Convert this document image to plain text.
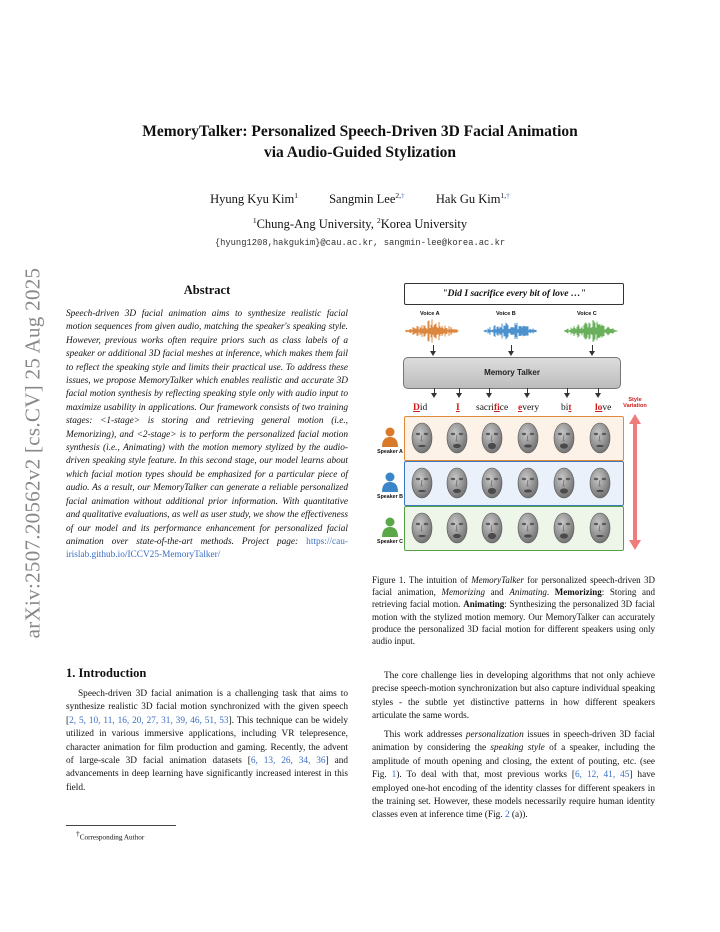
arXiv:2507.20562v2 [cs.CV] 25 Aug 2025
MemoryTalker: Personalized Speech-Driven 3D Facial Animation
via Audio-Guided Stylization
Hyung Kyu Kim$^1$ Sangmin Lee$^{2,\dagger}$ Hak Gu Kim$^{1,\dagger}$
$^1$Chung-Ang University, $^2$Korea University
{hyung1208,hakgukim}@cau.ac.kr, sangmin-lee@korea.ac.kr
Abstract
Speech-driven 3D facial animation aims to synthesize realistic facial motion sequences from given audio, matching the speaker's speaking style. However, previous works often require priors such as class labels of a speaker or additional 3D facial meshes at inference, which makes them fail to reflect the speaking style and limits their practical use. To address these issues, we propose MemoryTalker which enables realistic and accurate 3D facial motion synthesis by reflecting speaking style only with audio input to maximize usability in applications. Our framework consists of two training stages: <1-stage> is storing and retrieving general motion (i.e., Memorizing), and <2-stage> is to perform the personalized facial motion synthesis (i.e., Animating) with the motion memory stylized by the audio-driven speaking style feature. In this second stage, our model learns about which facial motion types should be emphasized for a particular piece of audio. As a result, our MemoryTalker can generate a reliable personalized facial animation without additional prior information. With quantitative and qualitative evaluations, as well as user study, we show the effectiveness of our model and its performance enhancement for personalized facial animation over state-of-the-art methods. Project page: https://cau-irislab.github.io/ICCV25-MemoryTalker/
1. Introduction

Speech-driven 3D facial animation is a challenging task that aims to synthesize realistic 3D facial motion synchronized with the given speech [2, 5, 10, 11, 16, 20, 27, 31, 39, 46, 51, 53]. This technique can be widely utilized in various immersive applications, including VR telepresence, character animation for film production and gaming. Recently, the advent of large-scale 3D facial animation datasets [6, 13, 26, 34, 36] and advancements in deep learning have significantly increased interest in this field.

†Corresponding Author
Figure 1. The intuition of MemoryTalker for personalized speech-driven 3D facial animation, Memorizing and Animating. Memorizing: Storing and retrieving facial motion. Animating: Synthesizing the personalized 3D facial motion with the stylized motion memory. Our MemoryTalker can accurately produce the personalized 3D facial motion for different speakers using only audio input.

The core challenge lies in developing algorithms that not only achieve precise speech-motion synchronization but also capture individual speaking styles - the subtle yet distinctive patterns in how different speakers articulate the same words.

This work addresses personalization issues in speech-driven 3D facial animation by considering the speaking style of a speaker, including the amplitude of mouth opening and closing, the extent of pouting, etc. (see Fig. 1). To deal with that, most previous works [6, 12, 41, 45] have employed one-hot encoding of the identity classes for different speakers in the training set. However, these models necessarily require human identity classes even at inference time (Fig. 2 (a)).

"Did I sacrifice every bit of love …"
Voice A	Voice B	Voice C
Memory Talker
Did	I sacrifice every bit love
Style Variation
Speaker A
Speaker B
Speaker C
